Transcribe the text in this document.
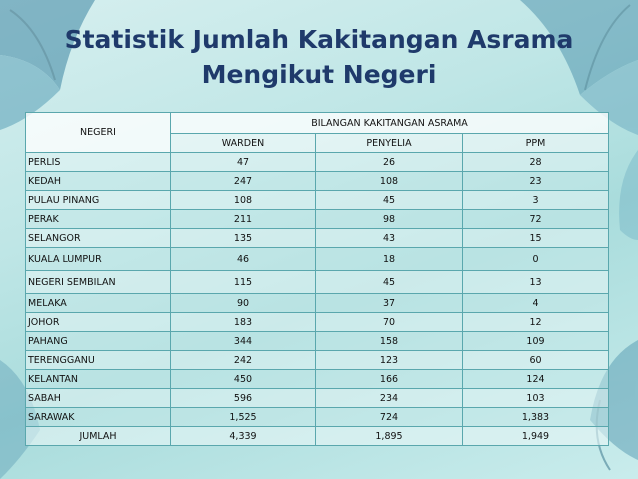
Statistik Jumlah Kakitangan Asrama
Mengikut Negeri
NEGERI	BILANGAN KAKITANGAN ASRAMA		
	WARDEN	PENYELIA	PPM
PERLIS	47	26	28
KEDAH	247	108	23
PULAU PINANG	108	45	3
PERAK	211	98	72
SELANGOR	135	43	15
KUALA LUMPUR	46	18	0
NEGERI SEMBILAN	115	45	13
MELAKA	90	37	4
JOHOR	183	70	12
PAHANG	344	158	109
TERENGGANU	242	123	60
KELANTAN	450	166	124
SABAH	596	234	103
SARAWAK	1,525	724	1,383
JUMLAH	4,339	1,895	1,949
